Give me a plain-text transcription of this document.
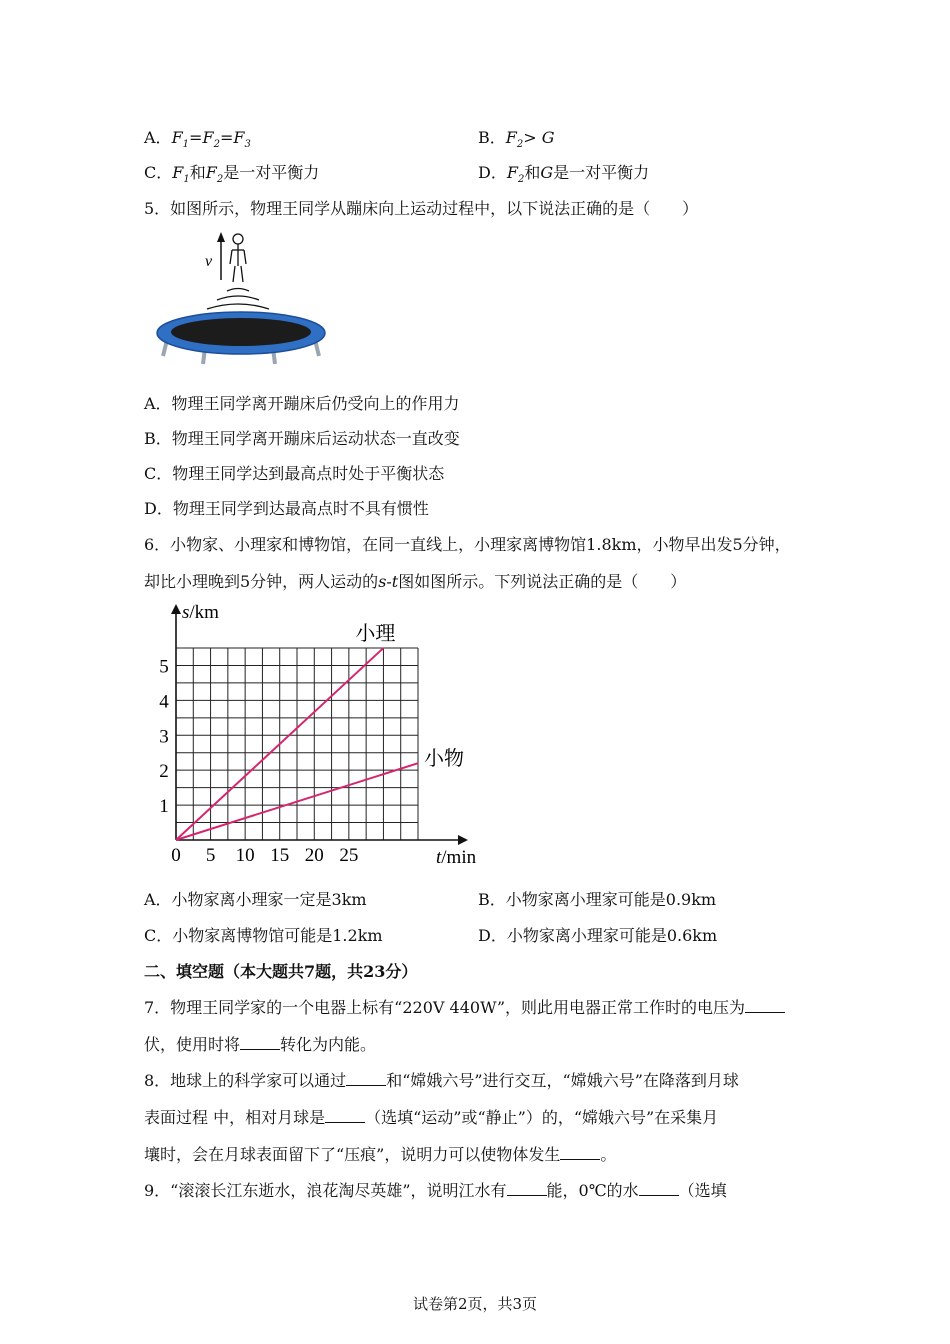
A．$F_1=F_2=F_3$	B．$F_2> G$
C．$F_1$和$F_2$是一对平衡力	D．$F_2$和G是一对平衡力
5．如图所示，物理王同学从蹦床向上运动过程中，以下说法正确的是（　　）
v
A．物理王同学离开蹦床后仍受向上的作用力
B．物理王同学离开蹦床后运动状态一直改变
C．物理王同学达到最高点时处于平衡状态
D．物理王同学到达最高点时不具有惯性
6．小物家、小理家和博物馆，在同一直线上，小理家离博物馆1.8km，小物早出发5分钟，
却比小理晚到5分钟，两人运动的s-t图如图所示。下列说法正确的是（　　）
0 5 10 15 20 25
1
2
3
4
5
s/km
t/min
小理
小物
A．小物家离小理家一定是3km	B．小物家离小理家可能是0.9km
C．小物家离博物馆可能是1.2km	D．小物家离小理家可能是0.6km
二、填空题（本大题共7题，共23分）
7．物理王同学家的一个电器上标有“220V 440W”，则此用电器正常工作时的电压为
伏，使用时将	转化为内能。
8．地球上的科学家可以通过	和“嫦娥六号”进行交互，“嫦娥六号”在降落到月球
表面过程 中，相对月球是	（选填“运动”或“静止”）的，“嫦娥六号”在采集月
壤时，会在月球表面留下了“压痕”，说明力可以使物体发生	。
9．“滚滚长江东逝水，浪花淘尽英雄”，说明江水有	能，0℃的水	（选填
试卷第2页，共3页
